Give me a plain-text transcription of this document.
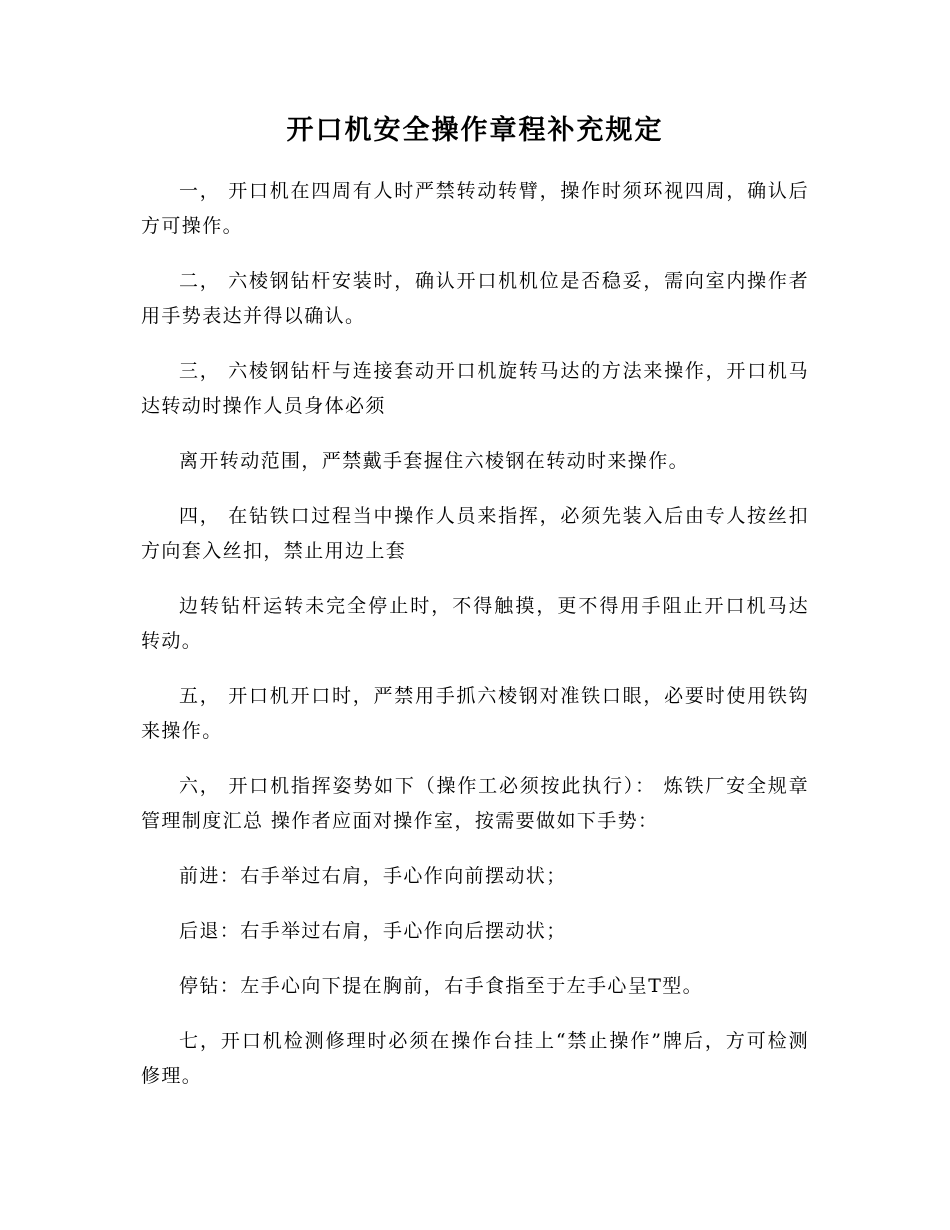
开口机安全操作章程补充规定

一， 开口机在四周有人时严禁转动转臂，操作时须环视四周，确认后方可操作。

二， 六棱钢钻杆安装时，确认开口机机位是否稳妥，需向室内操作者用手势表达并得以确认。

三， 六棱钢钻杆与连接套动开口机旋转马达的方法来操作，开口机马达转动时操作人员身体必须

离开转动范围，严禁戴手套握住六棱钢在转动时来操作。

四， 在钻铁口过程当中操作人员来指挥，必须先装入后由专人按丝扣方向套入丝扣，禁止用边上套

边转钻杆运转未完全停止时，不得触摸，更不得用手阻止开口机马达转动。

五， 开口机开口时，严禁用手抓六棱钢对准铁口眼，必要时使用铁钩来操作。

六， 开口机指挥姿势如下（操作工必须按此执行）： 炼铁厂安全规章管理制度汇总 操作者应面对操作室，按需要做如下手势：

前进：右手举过右肩，手心作向前摆动状；

后退：右手举过右肩，手心作向后摆动状；

停钻：左手心向下提在胸前，右手食指至于左手心呈T型。

七，开口机检测修理时必须在操作台挂上“禁止操作”牌后，方可检测修理。
